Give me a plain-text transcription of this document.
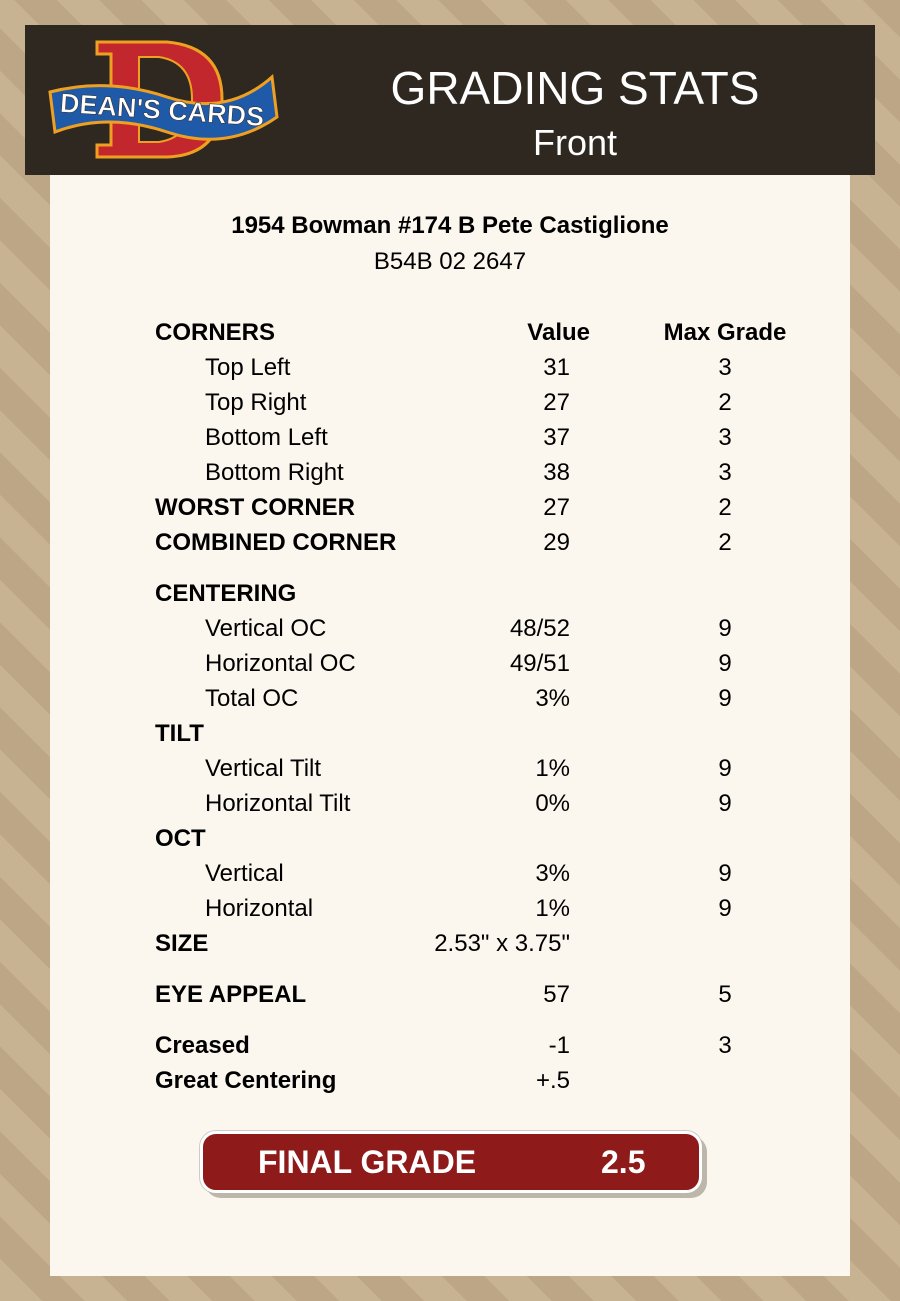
DEAN'S CARDS	GRADING STATS
Front
1954 Bowman #174 B Pete Castiglione
B54B 02 2647
CORNERS	Value	Max Grade
Top Left	31	3
Top Right	27	2
Bottom Left	37	3
Bottom Right	38	3
WORST CORNER	27	2
COMBINED CORNER	29	2
CENTERING
Vertical OC	48/52	9
Horizontal OC	49/51	9
Total OC	3%	9
TILT
Vertical Tilt	1%	9
Horizontal Tilt	0%	9
OCT
Vertical	3%	9
Horizontal	1%	9
SIZE	2.53" x 3.75"
EYE APPEAL	57	5
Creased	-1	3
Great Centering	+.5
FINAL GRADE	2.5
